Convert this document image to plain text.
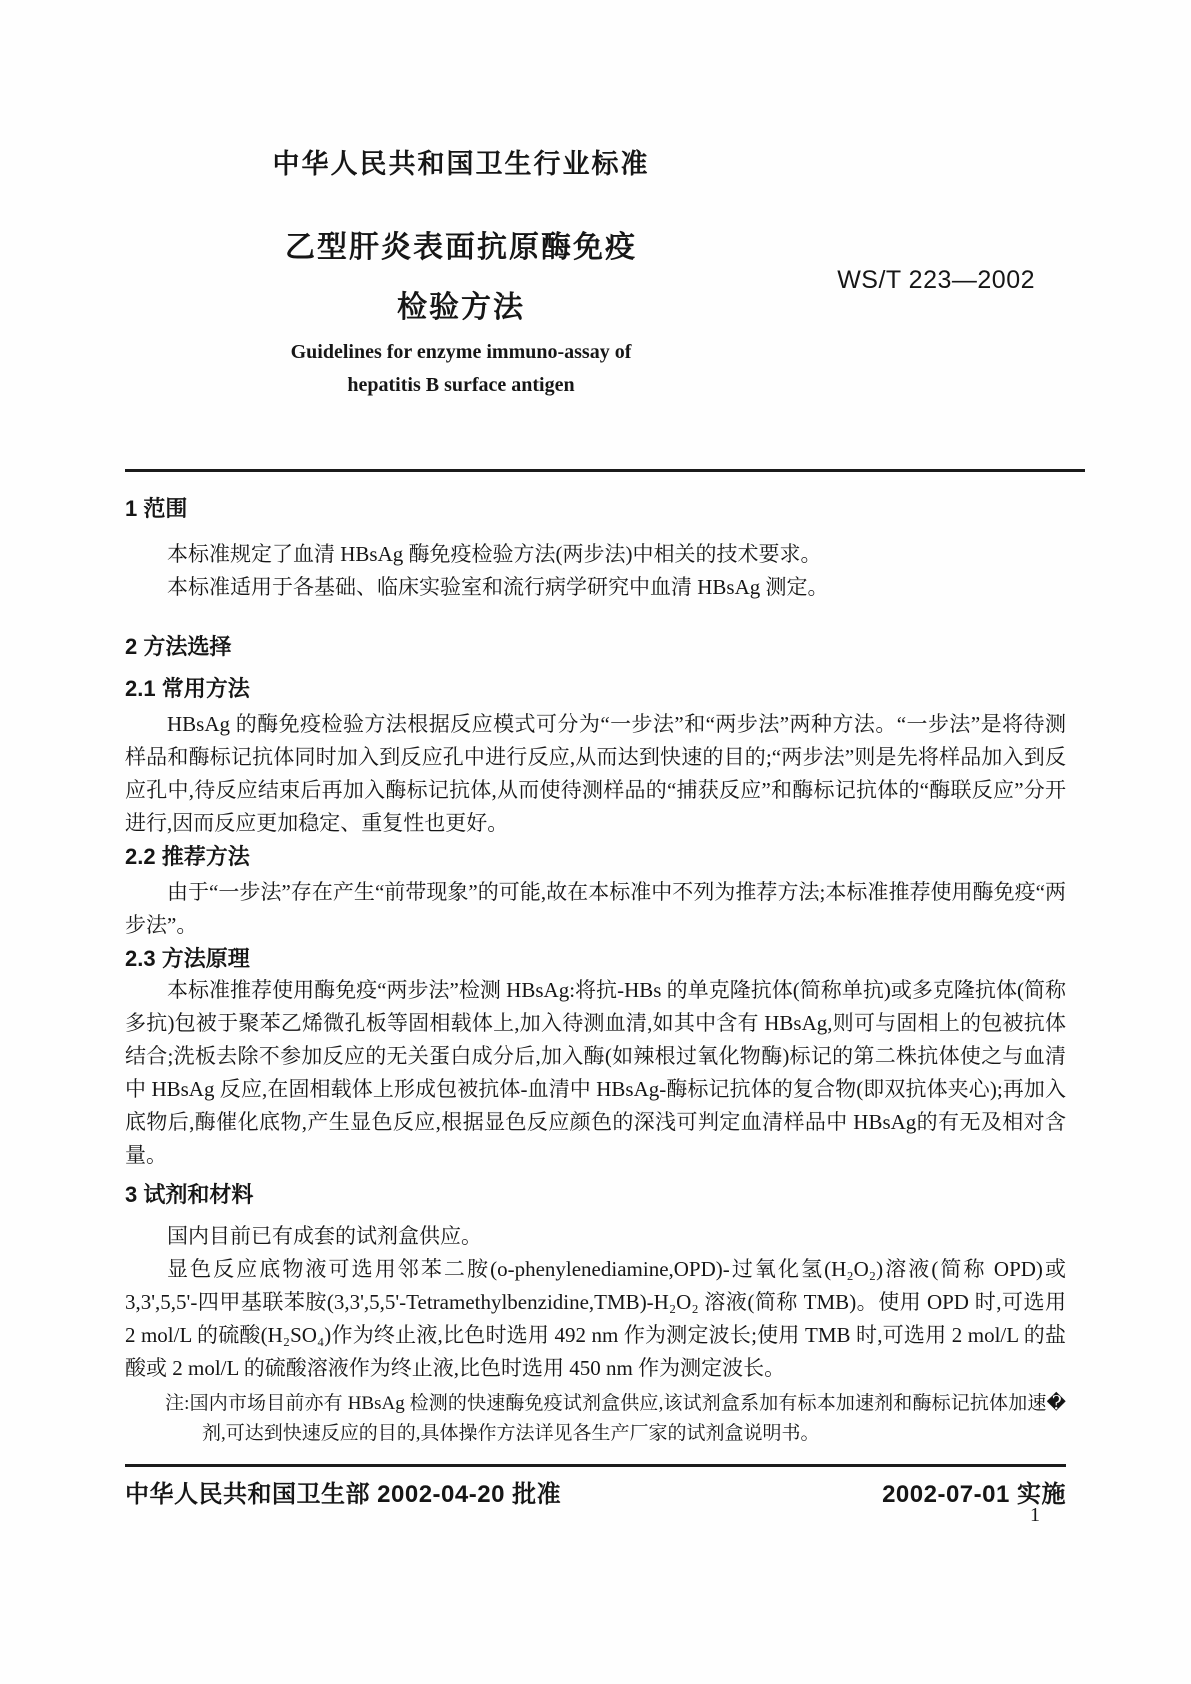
中华人民共和国卫生行业标准
乙型肝炎表面抗原酶免疫
检验方法
WS/T 223—2002
Guidelines for enzyme immuno-assay of
hepatitis B surface antigen
1 范围

本标准规定了血清 HBsAg 酶免疫检验方法(两步法)中相关的技术要求。

本标准适用于各基础、临床实验室和流行病学研究中血清 HBsAg 测定。

2 方法选择
2.1 常用方法

HBsAg 的酶免疫检验方法根据反应模式可分为“一步法”和“两步法”两种方法。“一步法”是将待测样品和酶标记抗体同时加入到反应孔中进行反应,从而达到快速的目的;“两步法”则是先将样品加入到反应孔中,待反应结束后再加入酶标记抗体,从而使待测样品的“捕获反应”和酶标记抗体的“酶联反应”分开进行,因而反应更加稳定、重复性也更好。

2.2 推荐方法

由于“一步法”存在产生“前带现象”的可能,故在本标准中不列为推荐方法;本标准推荐使用酶免疫“两步法”。

2.3 方法原理

本标准推荐使用酶免疫“两步法”检测 HBsAg:将抗-HBs 的单克隆抗体(简称单抗)或多克隆抗体(简称多抗)包被于聚苯乙烯微孔板等固相载体上,加入待测血清,如其中含有 HBsAg,则可与固相上的包被抗体结合;洗板去除不参加反应的无关蛋白成分后,加入酶(如辣根过氧化物酶)标记的第二株抗体使之与血清中 HBsAg 反应,在固相载体上形成包被抗体-血清中 HBsAg-酶标记抗体的复合物(即双抗体夹心);再加入底物后,酶催化底物,产生显色反应,根据显色反应颜色的深浅可判定血清样品中 HBsAg的有无及相对含量。

3 试剂和材料

国内目前已有成套的试剂盒供应。

显色反应底物液可选用邻苯二胺(o-phenylenediamine,OPD)-过氧化氢(H₂O₂)溶液(简称 OPD)或3,3',5,5'-四甲基联苯胺(3,3',5,5'-Tetramethylbenzidine,TMB)-H₂O₂ 溶液(简称 TMB)。使用 OPD 时,可选用 2 mol/L 的硫酸(H₂SO₄)作为终止液,比色时选用 492 nm 作为测定波长;使用 TMB 时,可选用 2 mol/L 的盐酸或 2 mol/L 的硫酸溶液作为终止液,比色时选用 450 nm 作为测定波长。

注:国内市场目前亦有 HBsAg 检测的快速酶免疫试剂盒供应,该试剂盒系加有标本加速剂和酶标记抗体加速�剂,可达到快速反应的目的,具体操作方法详见各生产厂家的试剂盒说明书。

中华人民共和国卫生部 2002-04-20 批准	2002-07-01 实施
1
